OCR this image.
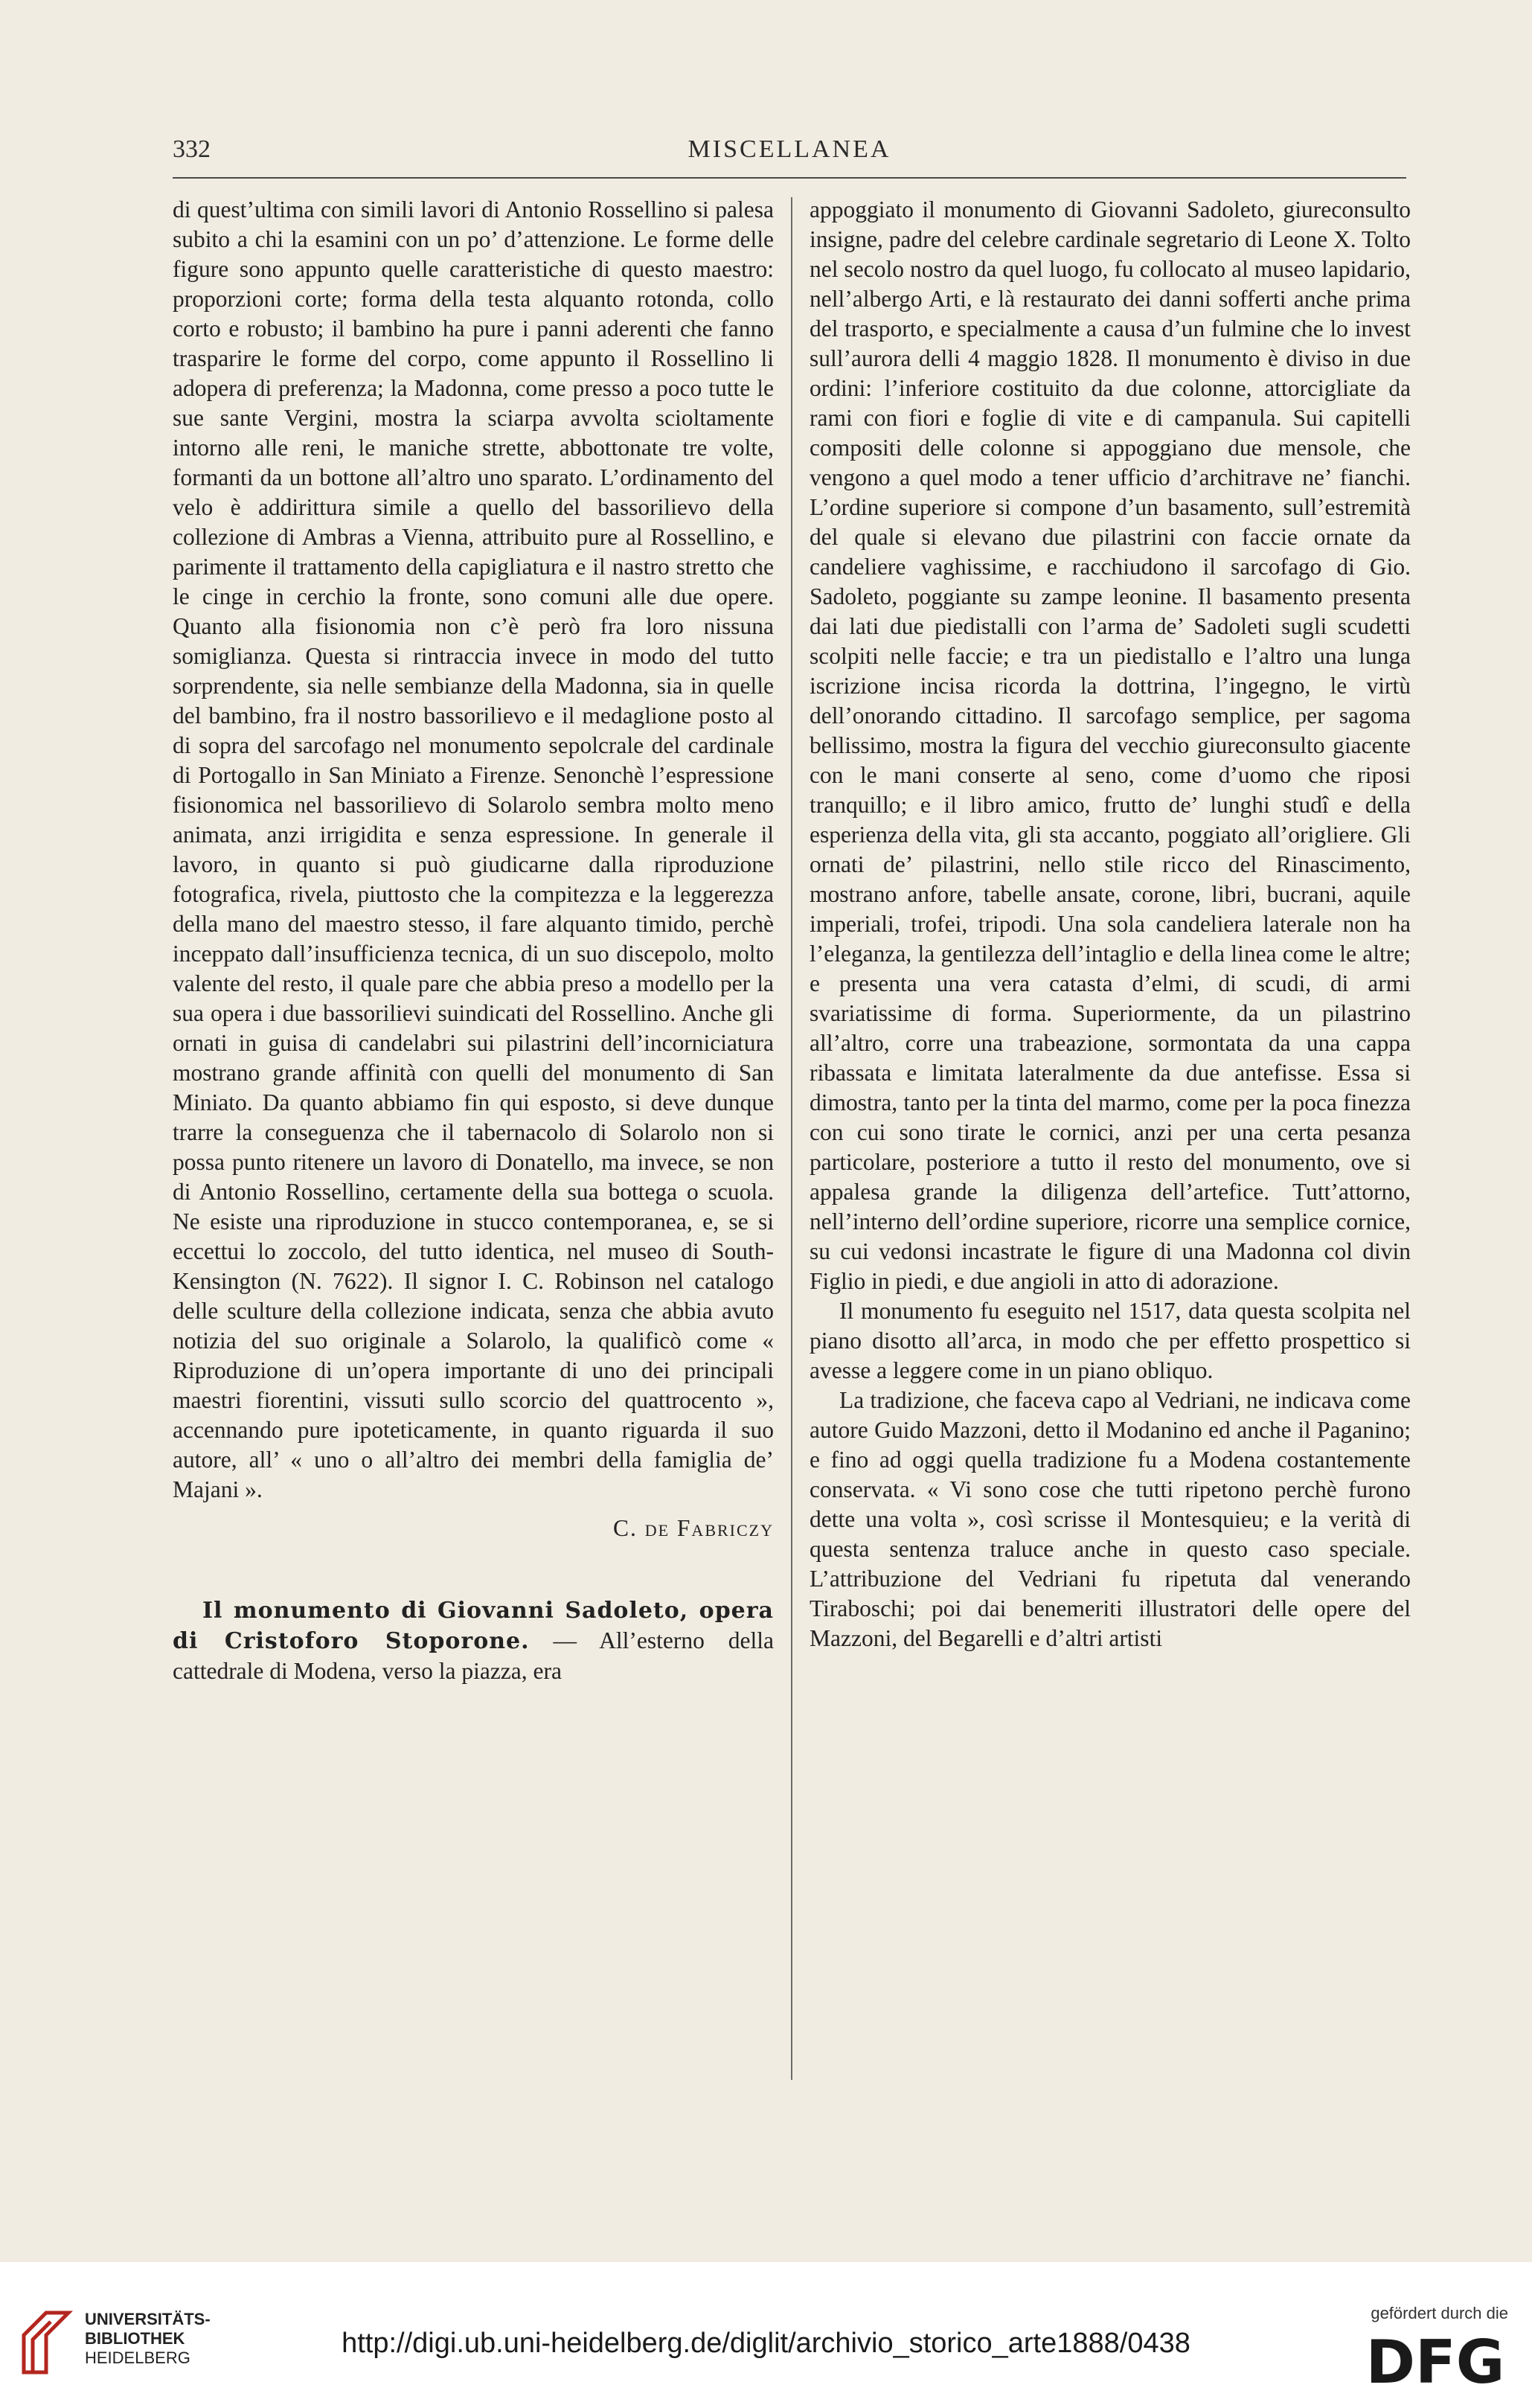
332	MISCELLANEA

di quest’ultima con simili lavori di Antonio Rossellino si palesa subito a chi la esamini con un po’ d’attenzione. Le forme delle figure sono appunto quelle caratteristiche di questo maestro: proporzioni corte; forma della testa alquanto rotonda, collo corto e robusto; il bambino ha pure i panni aderenti che fanno trasparire le forme del corpo, come appunto il Rossellino li adopera di preferenza; la Madonna, come presso a poco tutte le sue sante Vergini, mostra la sciarpa avvolta scioltamente intorno alle reni, le maniche strette, abbottonate tre volte, formanti da un bottone all’altro uno sparato. L’ordinamento del velo è addirittura simile a quello del bassorilievo della collezione di Ambras a Vienna, attribuito pure al Rossellino, e parimente il trattamento della capigliatura e il nastro stretto che le cinge in cerchio la fronte, sono comuni alle due opere. Quanto alla fisionomia non c’è però fra loro nissuna somiglianza. Questa si rintraccia invece in modo del tutto sorprendente, sia nelle sembianze della Madonna, sia in quelle del bambino, fra il nostro bassorilievo e il medaglione posto al di sopra del sarcofago nel monumento sepolcrale del cardinale di Portogallo in San Miniato a Firenze. Senonchè l’espressione fisionomica nel bassorilievo di Solarolo sembra molto meno animata, anzi irrigidita e senza espressione. In generale il lavoro, in quanto si può giudicarne dalla riproduzione fotografica, rivela, piuttosto che la compitezza e la leggerezza della mano del maestro stesso, il fare alquanto timido, perchè inceppato dall’insufficienza tecnica, di un suo discepolo, molto valente del resto, il quale pare che abbia preso a modello per la sua opera i due bassorilievi suindicati del Rossellino. Anche gli ornati in guisa di candelabri sui pilastrini dell’incorniciatura mostrano grande affinità con quelli del monumento di San Miniato. Da quanto abbiamo fin qui esposto, si deve dunque trarre la conseguenza che il tabernacolo di Solarolo non si possa punto ritenere un lavoro di Donatello, ma invece, se non di Antonio Rossellino, certamente della sua bottega o scuola. Ne esiste una riproduzione in stucco contemporanea, e, se si eccettui lo zoccolo, del tutto identica, nel museo di South-Kensington (N. 7622). Il signor I. C. Robinson nel catalogo delle sculture della collezione indicata, senza che abbia avuto notizia del suo originale a Solarolo, la qualificò come « Riproduzione di un’opera importante di uno dei principali maestri fiorentini, vissuti sullo scorcio del quattrocento », accennando pure ipoteticamente, in quanto riguarda il suo autore, all’ « uno o all’altro dei membri della famiglia de’ Majani ».

C. de Fabriczy

Il monumento di Giovanni Sadoleto, opera di Cristoforo Stoporone. — All’esterno della cattedrale di Modena, verso la piazza, era

appoggiato il monumento di Giovanni Sadoleto, giureconsulto insigne, padre del celebre cardinale segretario di Leone X. Tolto nel secolo nostro da quel luogo, fu collocato al museo lapidario, nell’albergo Arti, e là restaurato dei danni sofferti anche prima del trasporto, e specialmente a causa d’un fulmine che lo invest sull’aurora delli 4 maggio 1828. Il monumento è diviso in due ordini: l’inferiore costituito da due colonne, attorcigliate da rami con fiori e foglie di vite e di campanula. Sui capitelli compositi delle colonne si appoggiano due mensole, che vengono a quel modo a tener ufficio d’architrave ne’ fianchi. L’ordine superiore si compone d’un basamento, sull’estremità del quale si elevano due pilastrini con faccie ornate da candeliere vaghissime, e racchiudono il sarcofago di Gio. Sadoleto, poggiante su zampe leonine. Il basamento presenta dai lati due piedistalli con l’arma de’ Sadoleti sugli scudetti scolpiti nelle faccie; e tra un piedistallo e l’altro una lunga iscrizione incisa ricorda la dottrina, l’ingegno, le virtù dell’onorando cittadino. Il sarcofago semplice, per sagoma bellissimo, mostra la figura del vecchio giureconsulto giacente con le mani conserte al seno, come d’uomo che riposi tranquillo; e il libro amico, frutto de’ lunghi studî e della esperienza della vita, gli sta accanto, poggiato all’origliere. Gli ornati de’ pilastrini, nello stile ricco del Rinascimento, mostrano anfore, tabelle ansate, corone, libri, bucrani, aquile imperiali, trofei, tripodi. Una sola candeliera laterale non ha l’eleganza, la gentilezza dell’intaglio e della linea come le altre; e presenta una vera catasta d’elmi, di scudi, di armi svariatissime di forma. Superiormente, da un pilastrino all’altro, corre una trabeazione, sormontata da una cappa ribassata e limitata lateralmente da due antefisse. Essa si dimostra, tanto per la tinta del marmo, come per la poca finezza con cui sono tirate le cornici, anzi per una certa pesanza particolare, posteriore a tutto il resto del monumento, ove si appalesa grande la diligenza dell’artefice. Tutt’attorno, nell’interno dell’ordine superiore, ricorre una semplice cornice, su cui vedonsi incastrate le figure di una Madonna col divin Figlio in piedi, e due angioli in atto di adorazione.

Il monumento fu eseguito nel 1517, data questa scolpita nel piano disotto all’arca, in modo che per effetto prospettico si avesse a leggere come in un piano obliquo.

La tradizione, che faceva capo al Vedriani, ne indicava come autore Guido Mazzoni, detto il Modanino ed anche il Paganino; e fino ad oggi quella tradizione fu a Modena costantemente conservata. « Vi sono cose che tutti ripetono perchè furono dette una volta », così scrisse il Montesquieu; e la verità di questa sentenza traluce anche in questo caso speciale. L’attribuzione del Vedriani fu ripetuta dal venerando Tiraboschi; poi dai benemeriti illustratori delle opere del Mazzoni, del Begarelli e d’altri artisti

UNIVERSITÄTS-
BIBLIOTHEK
HEIDELBERG	http://digi.ub.uni-heidelberg.de/diglit/archivio_storico_arte1888/0438
gefördert durch die
DFG
